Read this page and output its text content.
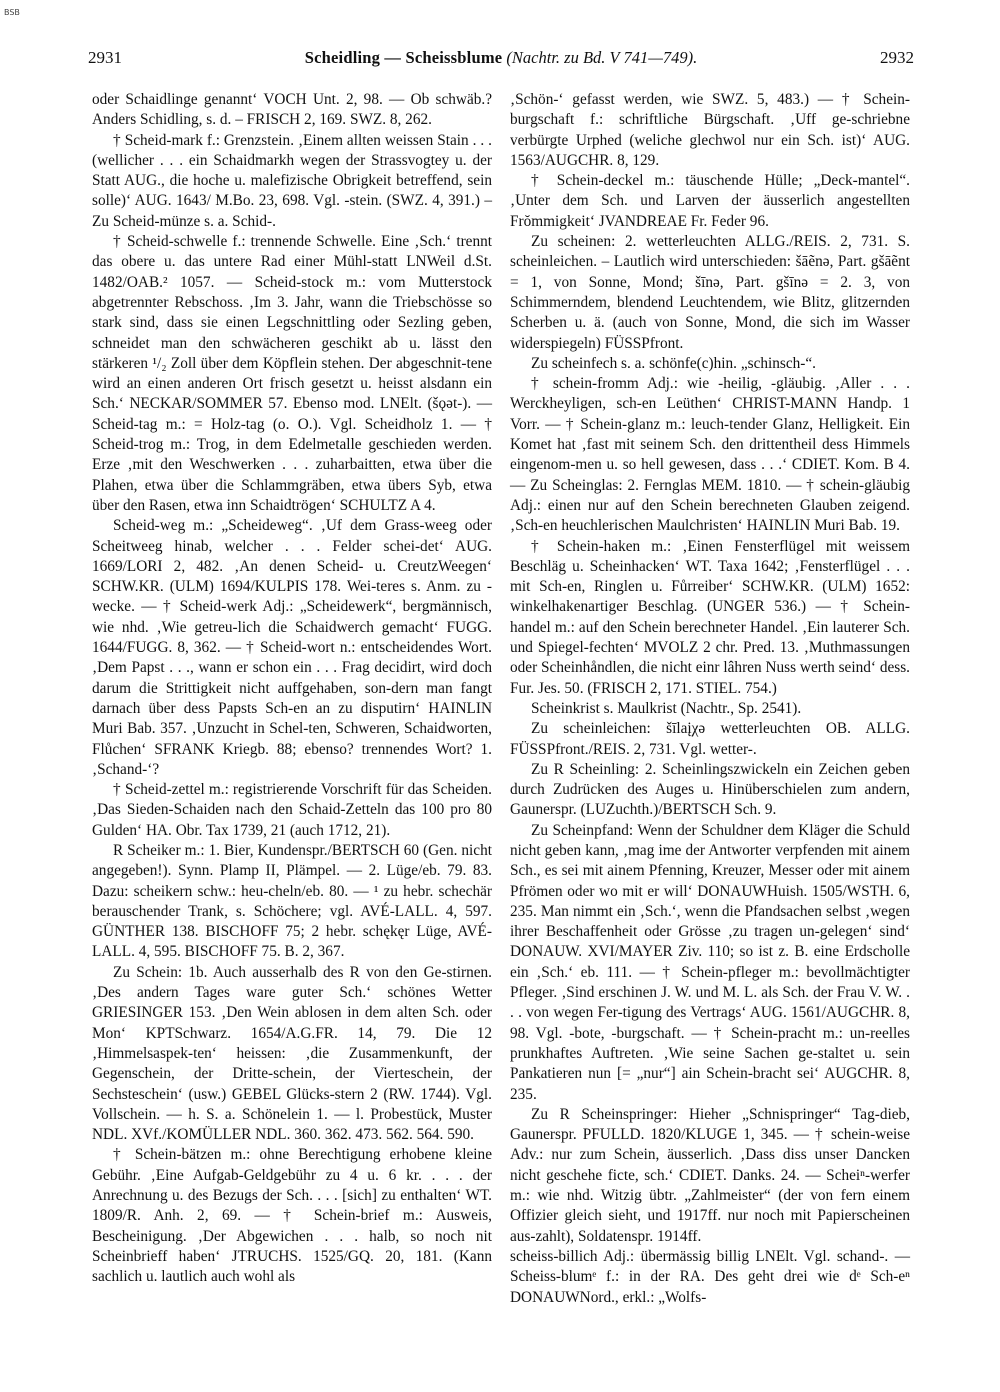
BSB
2931	Scheidling — Scheissblume (Nachtr. zu Bd. V 741—749).	2932

oder Schaidlinge genannt‘ VOCH Unt. 2, 98. — Ob schwäb.? Anders Schidling, s. d. – FRISCH 2, 169. SWZ. 8, 262.

† Scheid-mark f.: Grenzstein. ‚Einem allten weissen Stain . . . (wellicher . . . ein Schaidmarkh wegen der Strassvogtey u. der Statt AUG., die hoche u. malefizische Obrigkeit betreffend, sein solle)‘ AUG. 1643/ M.Bo. 23, 698. Vgl. -stein. (SWZ. 4, 391.) – Zu Scheid-münze s. a. Schid-.

† Scheid-schwelle f.: trennende Schwelle. Eine ‚Sch.‘ trennt das obere u. das untere Rad einer Mühl-statt LNWeil d.St. 1482/OAB.² 1057. — Scheid-stock m.: vom Mutterstock abgetrennter Rebschoss. ‚Im 3. Jahr, wann die Triebschösse so stark sind, dass sie einen Legschnittling oder Sezling geben, schneidet man den schwächeren geschikt ab u. lässt den stärkeren ¹/₂ Zoll über dem Köpflein stehen. Der abgeschnit-tene wird an einen anderen Ort frisch gesetzt u. heisst alsdann ein Sch.‘ NECKAR/SOMMER 57. Ebenso mod. LNElt. (šǫət-). — Scheid-tag m.: = Holz-tag (o. O.). Vgl. Scheidholz 1. — † Scheid-trog m.: Trog, in dem Edelmetalle geschieden werden. Erze ‚mit den Weschwerken . . . zuharbaitten, etwa über die Plahen, etwa über die Schlammgräben, etwa übers Syb, etwa über den Rasen, etwa inn Schaidtrögen‘ SCHULTZ A 4.

Scheid-weg m.: „Scheideweg“. ‚Uf dem Grass-weeg oder Scheitweeg hinab, welcher . . . Felder schei-det‘ AUG. 1669/LORI 2, 482. ‚An denen Scheid- u. CreutzWeegen‘ SCHW.KR. (ULM) 1694/KULPIS 178. Wei-teres s. Anm. zu -wecke. — † Scheid-werk Adj.: „Scheidewerk“, bergmännisch, wie nhd. ‚Wie getreu-lich die Schaidwerch gemacht‘ FUGG. 1644/FUGG. 8, 362. — † Scheid-wort n.: entscheidendes Wort. ‚Dem Papst . . ., wann er schon ein . . . Frag decidirt, wird doch darum die Strittigkeit nicht auffgehaben, son-dern man fangt darnach über dess Papsts Sch-en an zu disputirn‘ HAINLIN Muri Bab. 357. ‚Unzucht in Schel-ten, Schweren, Schaidworten, Flůchen‘ SFRANK Kriegb. 88; ebenso? trennendes Wort? 1. ‚Schand-‘?

† Scheid-zettel m.: registrierende Vorschrift für das Scheiden. ‚Das Sieden-Schaiden nach den Schaid-Zetteln das 100 pro 80 Gulden‘ HA. Obr. Tax 1739, 21 (auch 1712, 21).

R Scheiker m.: 1. Bier, Kundenspr./BERTSCH 60 (Gen. nicht angegeben!). Synn. Plamp II, Plämpel. — 2. Lüge/eb. 79. 83. Dazu: scheikern schw.: heu-cheln/eb. 80. — ¹ zu hebr. schechär berauschender Trank, s. Schöchere; vgl. AVÉ-LALL. 4, 597. GÜNTHER 138. BISCHOFF 75; 2 hebr. schękęr Lüge, AVÉ-LALL. 4, 595. BISCHOFF 75. B. 2, 367.

Zu Schein: 1b. Auch ausserhalb des R von den Ge-stirnen. ‚Des andern Tages ware guter Sch.‘ schönes Wetter GRIESINGER 153. ‚Den Wein ablosen in dem alten Sch. oder Mon‘ KPTSchwarz. 1654/A.G.FR. 14, 79. Die 12 ‚Himmelsaspek-ten‘ heissen: ‚die Zusammenkunft, der Gegenschein, der Dritte-schein, der Vierteschein, der Sechsteschein‘ (usw.) GEBEL Glücks-stern 2 (RW. 1744). Vgl. Vollschein. — h. S. a. Schönelein 1. — l. Probestück, Muster NDL. XVf./KOMÜLLER NDL. 360. 362. 473. 562. 564. 590.

† Schein-bätzen m.: ohne Berechtigung erhobene kleine Gebühr. ‚Eine Aufgab-Geldgebühr zu 4 u. 6 kr. . . . der Anrechnung u. des Bezugs der Sch. . . . [sich] zu enthalten‘ WT. 1809/R. Anh. 2, 69. — † Schein-brief m.: Ausweis, Bescheinigung. ‚Der Abgewichen . . . halb, so noch nit Scheinbrieff haben‘ JTRUCHS. 1525/GQ. 20, 181. (Kann sachlich u. lautlich auch wohl als

‚Schön-‘ gefasst werden, wie SWZ. 5, 483.) — † Schein-burgschaft f.: schriftliche Bürgschaft. ‚Uff ge-schriebne verbürgte Urphed (weliche glechwol nur ein Sch. ist)‘ AUG. 1563/AUGCHR. 8, 129.

† Schein-deckel m.: täuschende Hülle; „Deck-mantel“. ‚Unter dem Sch. und Larven der äusserlich angestellten Frŏmmigkeit‘ JVANDREAE Fr. Feder 96.

Zu scheinen: 2. wetterleuchten ALLG./REIS. 2, 731. S. scheinleichen. – Lautlich wird unterschieden: šāẽnə, Part. gšāẽnt = 1, von Sonne, Mond; šīnə, Part. gšīnə = 2. 3, von Schimmerndem, blendend Leuchtendem, wie Blitz, glitzernden Scherben u. ä. (auch von Sonne, Mond, die sich im Wasser widerspiegeln) FÜSSPfront.

Zu scheinfech s. a. schönfe(c)hin. „schinsch-“.

† schein-fromm Adj.: wie -heilig, -gläubig. ‚Aller . . . Werckheyligen, sch-en Leüthen‘ CHRIST-MANN Handp. 1 Vorr. — † Schein-glanz m.: leuch-tender Glanz, Helligkeit. Ein Komet hat ‚fast mit seinem Sch. den drittentheil dess Himmels eingenom-men u. so hell gewesen, dass . . .‘ CDIET. Kom. B 4. — Zu Scheinglas: 2. Fernglas MEM. 1810. — † schein-gläubig Adj.: einen nur auf den Schein berechneten Glauben zeigend. ‚Sch-en heuchlerischen Maulchristen‘ HAINLIN Muri Bab. 19.

† Schein-haken m.: ‚Einen Fensterflügel mit weissem Beschläg u. Scheinhacken‘ WT. Taxa 1642; ‚Fensterflügel . . . mit Sch-en, Ringlen u. Fůrreiber‘ SCHW.KR. (ULM) 1652: winkelhakenartiger Beschlag. (UNGER 536.) — † Schein-handel m.: auf den Schein berechneter Handel. ‚Ein lauterer Sch. und Spiegel-fechten‘ MVOLZ 2 chr. Pred. 13. ‚Muthmassungen oder Scheinhåndlen, die nicht einr lâhren Nuss werth seind‘ dess. Fur. Jes. 50. (FRISCH 2, 171. STIEL. 754.)

Scheinkrist s. Maulkrist (Nachtr., Sp. 2541).

Zu scheinleichen: šīlaįχə wetterleuchten OB. ALLG. FÜSSPfront./REIS. 2, 731. Vgl. wetter-.

Zu R Scheinling: 2. Scheinlingszwickeln ein Zeichen geben durch Zudrücken des Auges u. Hinüberschielen zum andern, Gaunerspr. (LUZuchth.)/BERTSCH Sch. 9.

Zu Scheinpfand: Wenn der Schuldner dem Kläger die Schuld nicht geben kann, ‚mag ime der Antworter verpfenden mit ainem Sch., es sei mit ainem Pfenning, Kreuzer, Messer oder mit ainem Pfrömen oder wo mit er will‘ DONAUWHuish. 1505/WSTH. 6, 235. Man nimmt ein ‚Sch.‘, wenn die Pfandsachen selbst ‚wegen ihrer Beschaffenheit oder Grösse ‚zu tragen un-gelegen‘ sind‘ DONAUW. XVI/MAYER Ziv. 110; so ist z. B. eine Erdscholle ein ‚Sch.‘ eb. 111. — † Schein-pfleger m.: bevollmächtigter Pfleger. ‚Sind erschinen J. W. und M. L. als Sch. der Frau V. W. . . . von wegen Fer-tigung des Vertrags‘ AUG. 1561/AUGCHR. 8, 98. Vgl. -bote, -burgschaft. — † Schein-pracht m.: un-reelles prunkhaftes Auftreten. ‚Wie seine Sachen ge-staltet u. sein Pankatieren nun [= „nur“] ain Schein-bracht sei‘ AUGCHR. 8, 235.

Zu R Scheinspringer: Hieher „Schnispringer“ Tag-dieb, Gaunerspr. PFULLD. 1820/KLUGE 1, 345. — † schein-weise Adv.: nur zum Schein, äusserlich. ‚Dass diss unser Dancken nicht geschehe ficte, sch.‘ CDIET. Danks. 24. — Scheiⁿ-werfer m.: wie nhd. Witzig übtr. „Zahlmeister“ (der von fern einem Offizier gleich sieht, und 1917ff. nur noch mit Papierscheinen aus-zahlt), Soldatenspr. 1914ff.

scheiss-billich Adj.: übermässig billig LNElt. Vgl. schand-. — Scheiss-blumᵉ f.: in der RA. Des geht drei wie dᵉ Sch-eⁿ DONAUWNord., erkl.: „Wolfs-
